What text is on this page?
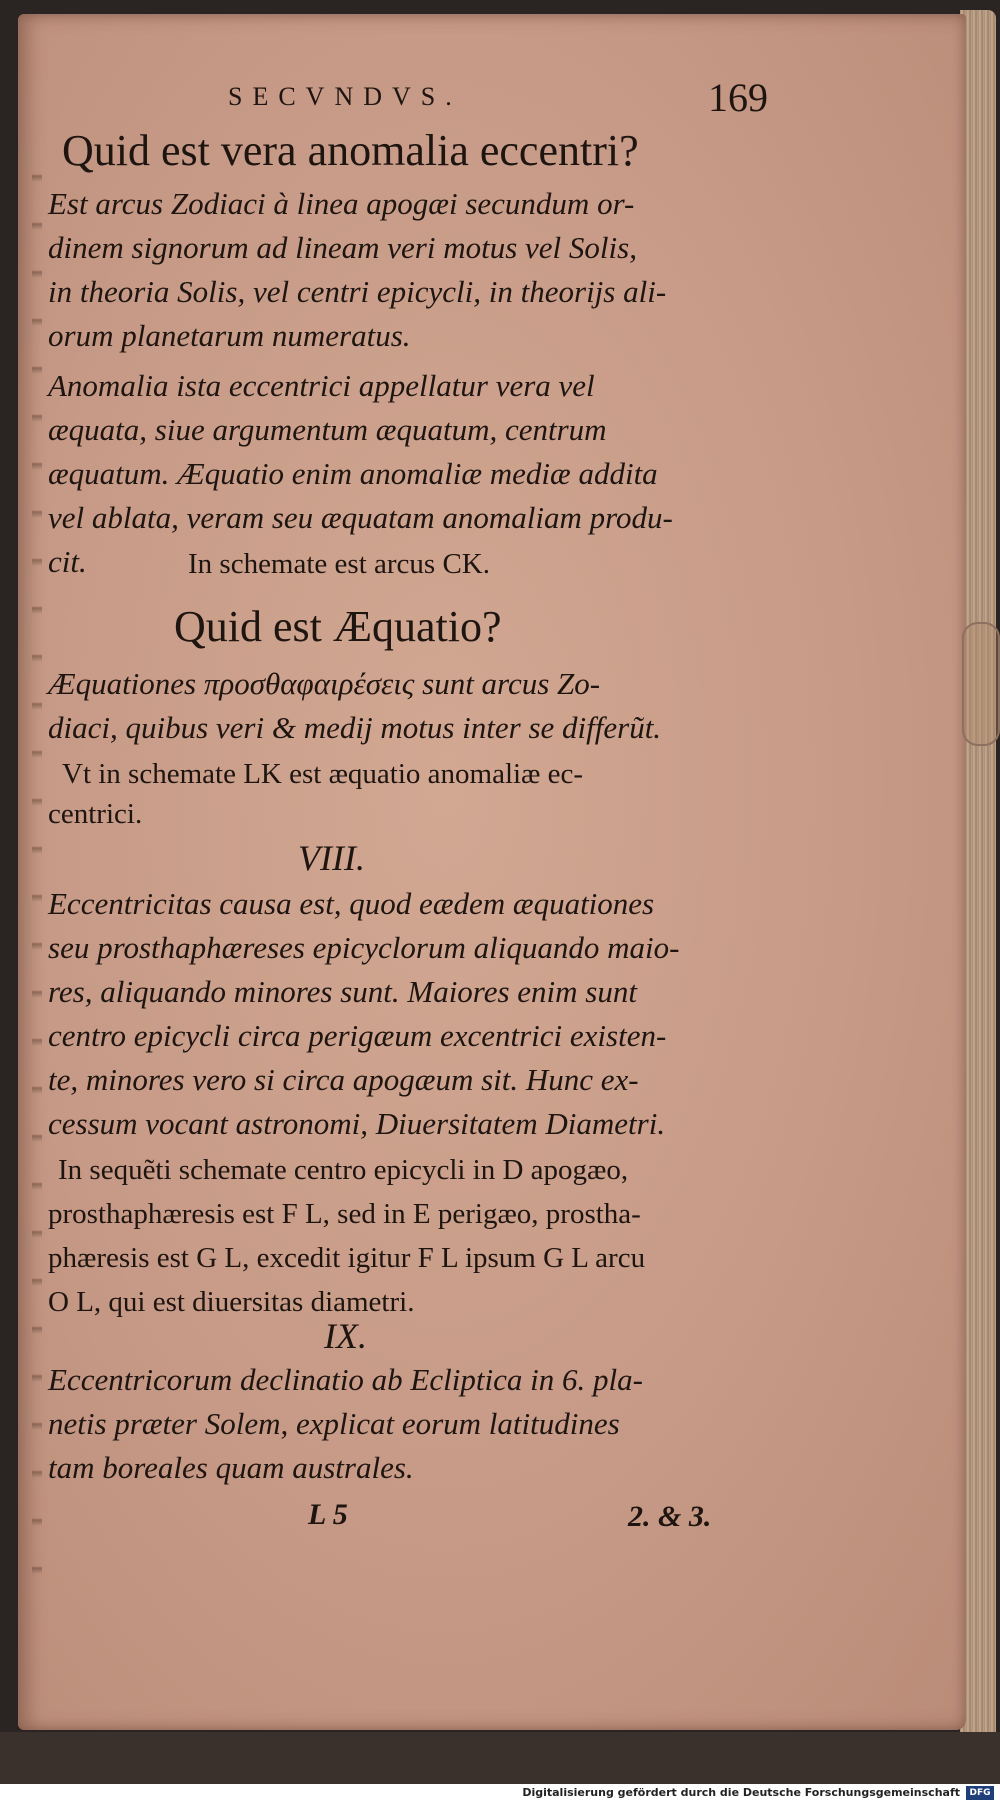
SECVNDVS.	169
Quid est vera anomalia eccentri?
Est arcus Zodiaci à linea apogæi secundum or-
dinem signorum ad lineam veri motus vel Solis,
in theoria Solis, vel centri epicycli, in theorijs ali-
orum planetarum numeratus.
Anomalia ista eccentrici appellatur vera vel
æquata, siue argumentum æquatum, centrum
æquatum. Æquatio enim anomaliæ mediæ addita
vel ablata, veram seu æquatam anomaliam produ-
cit.	In schemate est arcus CK.
Quid est Æquatio?
Æquationes προσθαφαιρέσεις sunt arcus Zo-
diaci, quibus veri & medij motus inter se differũt.
Vt in schemate LK est æquatio anomaliæ ec-
centrici.
VIII.
Eccentricitas causa est, quod eædem æquationes
seu prosthaphæreses epicyclorum aliquando maio-
res, aliquando minores sunt. Maiores enim sunt
centro epicycli circa perigæum excentrici existen-
te, minores vero si circa apogæum sit. Hunc ex-
cessum vocant astronomi, Diuersitatem Diametri.
In sequẽti schemate centro epicycli in D apogæo,
prosthaphæresis est F L, sed in E perigæo, prostha-
phæresis est G L, excedit igitur F L ipsum G L arcu
O L, qui est diuersitas diametri.
IX.
Eccentricorum declinatio ab Ecliptica in 6. pla-
netis præter Solem, explicat eorum latitudines
tam boreales quam australes.
L 5	2. & 3.
Digitalisierung gefördert durch die Deutsche Forschungsgemeinschaft	DFG
